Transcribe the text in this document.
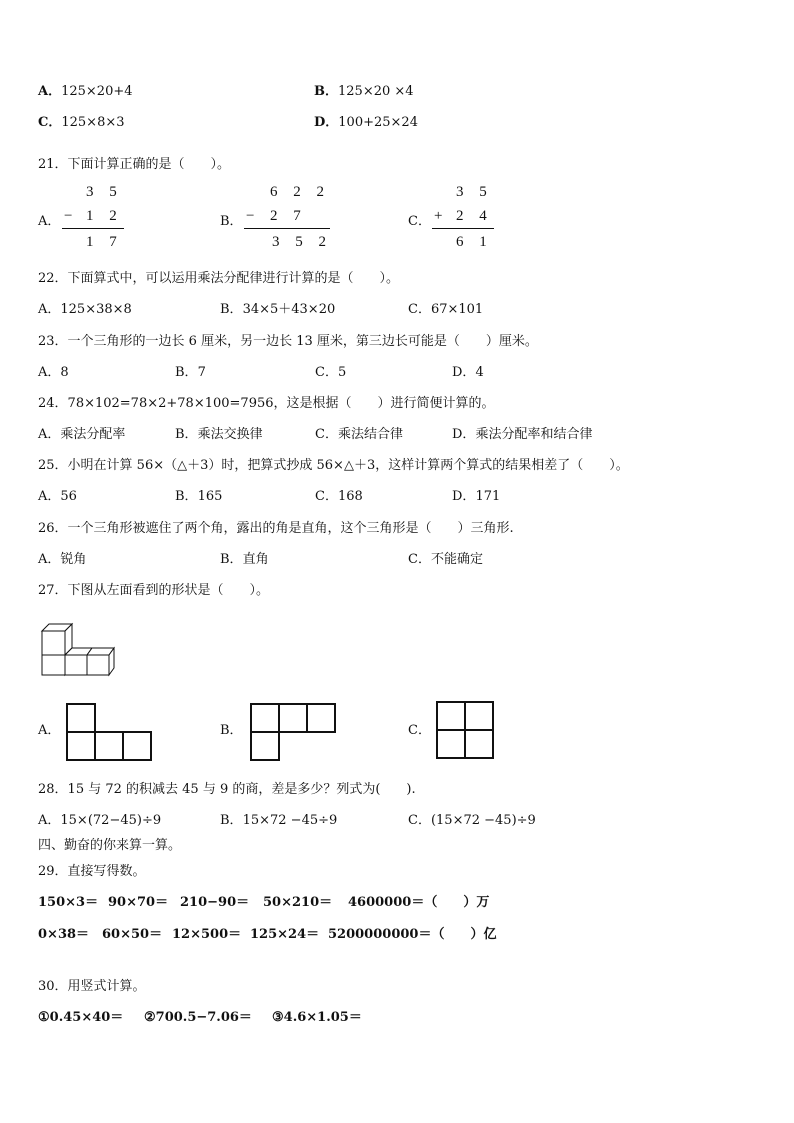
A．125×20+4	B．125×20 ×4
C．125×8×3	D．100+25×24
21．下面计算正确的是（　　）。
A．
3 5
− 1 2
1 7
B．
6 2 2
− 2 7
3 5 2
C．
3 5
+ 2 4
6 1
22．下面算式中，可以运用乘法分配律进行计算的是（　　）。
A．125×38×8	B．34×5＋43×20	C．67×101
23．一个三角形的一边长 6 厘米，另一边长 13 厘米，第三边长可能是（　　）厘米。
A．8	B．7	C．5	D．4
24．78×102=78×2+78×100=7956，这是根据（　　）进行简便计算的。
A．乘法分配率	B．乘法交换律	C．乘法结合律	D．乘法分配率和结合律
25．小明在计算 56×（△＋3）时，把算式抄成 56×△＋3，这样计算两个算式的结果相差了（　　）。
A．56	B．165	C．168	D．171
26．一个三角形被遮住了两个角，露出的角是直角，这个三角形是（　　）三角形.
A．锐角	B．直角	C．不能确定
27．下图从左面看到的形状是（　　）。
A．	B．	C．
28．15 与 72 的积减去 45 与 9 的商，差是多少？列式为(　　).
A．15×(72−45)÷9	B．15×72 −45÷9	C．(15×72 −45)÷9
四、勤奋的你来算一算。
29．直接写得数。
150×3＝ 90×70＝ 210−90＝ 50×210＝ 4600000＝（　　）万
0×38＝ 60×50＝ 12×500＝ 125×24＝ 5200000000＝（　　）亿
30．用竖式计算。
①0.45×40＝ ②700.5−7.06＝ ③4.6×1.05＝
